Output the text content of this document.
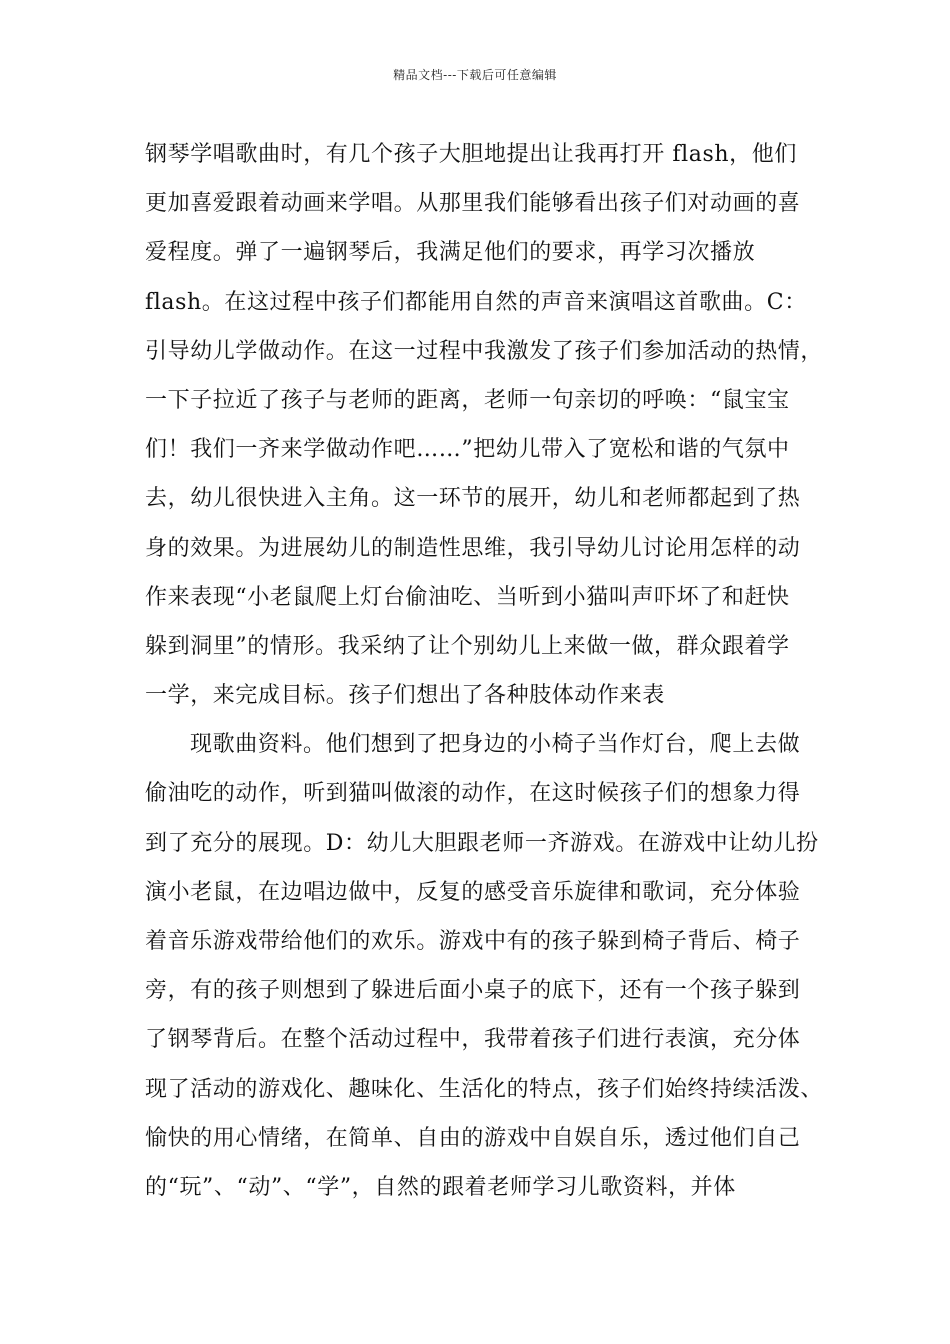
精品文档---下载后可任意编辑
钢琴学唱歌曲时，有几个孩子大胆地提出让我再打开 flash，他们
更加喜爱跟着动画来学唱。从那里我们能够看出孩子们对动画的喜
爱程度。弹了一遍钢琴后，我满足他们的要求，再学习次播放
flash。在这过程中孩子们都能用自然的声音来演唱这首歌曲。C：
引导幼儿学做动作。在这一过程中我激发了孩子们参加活动的热情，
一下子拉近了孩子与老师的距离，老师一句亲切的呼唤：“鼠宝宝
们！我们一齐来学做动作吧……”把幼儿带入了宽松和谐的气氛中
去，幼儿很快进入主角。这一环节的展开，幼儿和老师都起到了热
身的效果。为进展幼儿的制造性思维，我引导幼儿讨论用怎样的动
作来表现“小老鼠爬上灯台偷油吃、当听到小猫叫声吓坏了和赶快
躲到洞里”的情形。我采纳了让个别幼儿上来做一做，群众跟着学
一学，来完成目标。孩子们想出了各种肢体动作来表
现歌曲资料。他们想到了把身边的小椅子当作灯台，爬上去做
偷油吃的动作，听到猫叫做滚的动作，在这时候孩子们的想象力得
到了充分的展现。D：幼儿大胆跟老师一齐游戏。在游戏中让幼儿扮
演小老鼠，在边唱边做中，反复的感受音乐旋律和歌词，充分体验
着音乐游戏带给他们的欢乐。游戏中有的孩子躲到椅子背后、椅子
旁，有的孩子则想到了躲进后面小桌子的底下，还有一个孩子躲到
了钢琴背后。在整个活动过程中，我带着孩子们进行表演，充分体
现了活动的游戏化、趣味化、生活化的特点，孩子们始终持续活泼、
愉快的用心情绪，在简单、自由的游戏中自娱自乐，透过他们自己
的“玩”、“动”、“学”，自然的跟着老师学习儿歌资料，并体
